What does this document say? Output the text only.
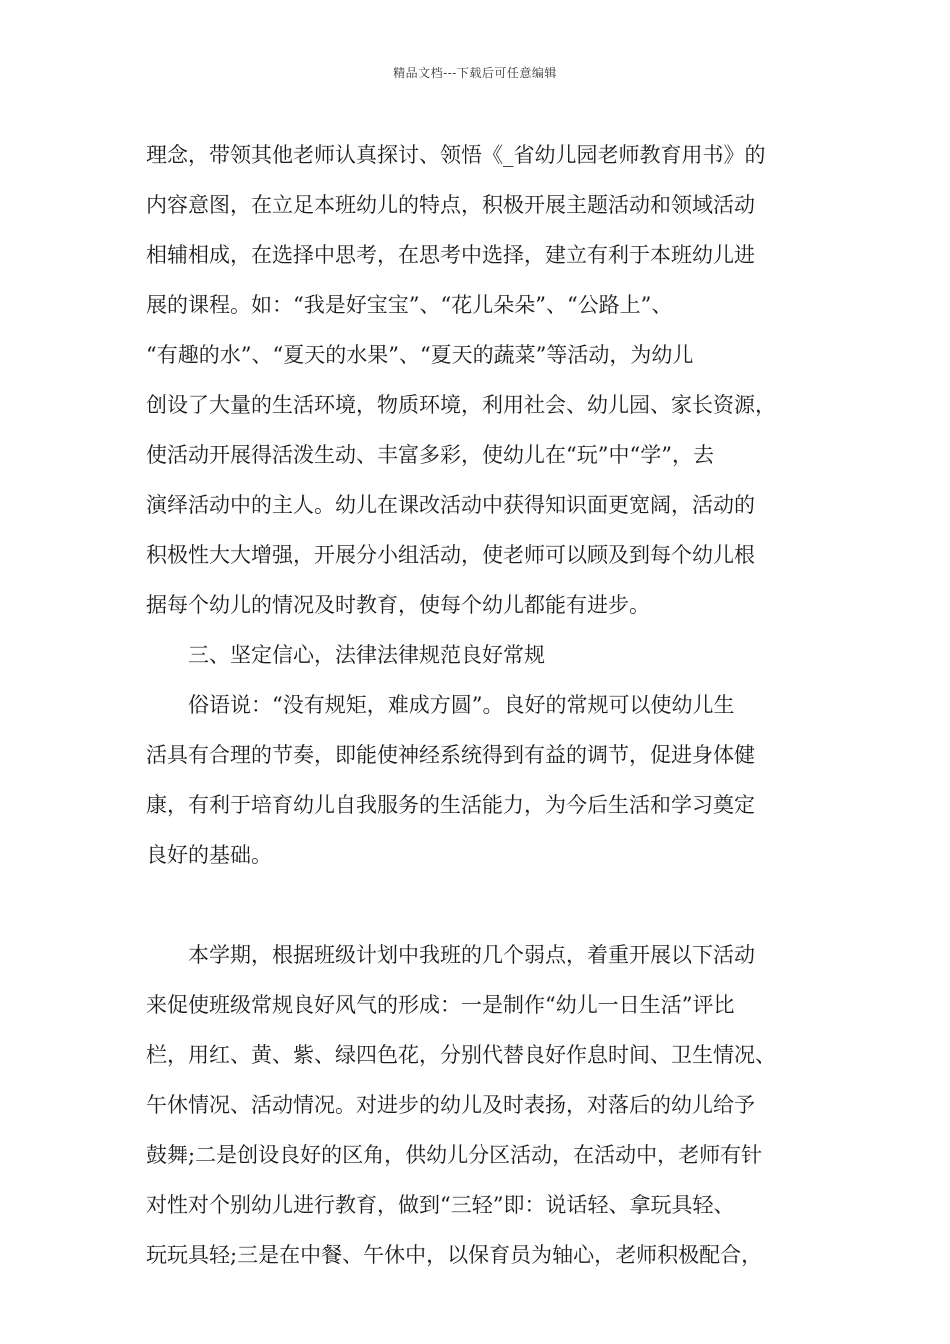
精品文档---下载后可任意编辑
理念，带领其他老师认真探讨、领悟《_省幼儿园老师教育用书》的
内容意图，在立足本班幼儿的特点，积极开展主题活动和领域活动
相辅相成，在选择中思考，在思考中选择，建立有利于本班幼儿进
展的课程。如：“我是好宝宝”、“花儿朵朵”、“公路上”、
“有趣的水”、“夏天的水果”、“夏天的蔬菜”等活动，为幼儿
创设了大量的生活环境，物质环境，利用社会、幼儿园、家长资源，
使活动开展得活泼生动、丰富多彩，使幼儿在“玩”中“学”，去
演绎活动中的主人。幼儿在课改活动中获得知识面更宽阔，活动的
积极性大大增强，开展分小组活动，使老师可以顾及到每个幼儿根
据每个幼儿的情况及时教育，使每个幼儿都能有进步。
三、坚定信心，法律法律规范良好常规
俗语说：“没有规矩，难成方圆”。良好的常规可以使幼儿生
活具有合理的节奏，即能使神经系统得到有益的调节，促进身体健
康，有利于培育幼儿自我服务的生活能力，为今后生活和学习奠定
良好的基础。
本学期，根据班级计划中我班的几个弱点，着重开展以下活动
来促使班级常规良好风气的形成：一是制作“幼儿一日生活”评比
栏，用红、黄、紫、绿四色花，分别代替良好作息时间、卫生情况、
午休情况、活动情况。对进步的幼儿及时表扬，对落后的幼儿给予
鼓舞;二是创设良好的区角，供幼儿分区活动，在活动中，老师有针
对性对个别幼儿进行教育，做到“三轻”即：说话轻、拿玩具轻、
玩玩具轻;三是在中餐、午休中，以保育员为轴心，老师积极配合，
